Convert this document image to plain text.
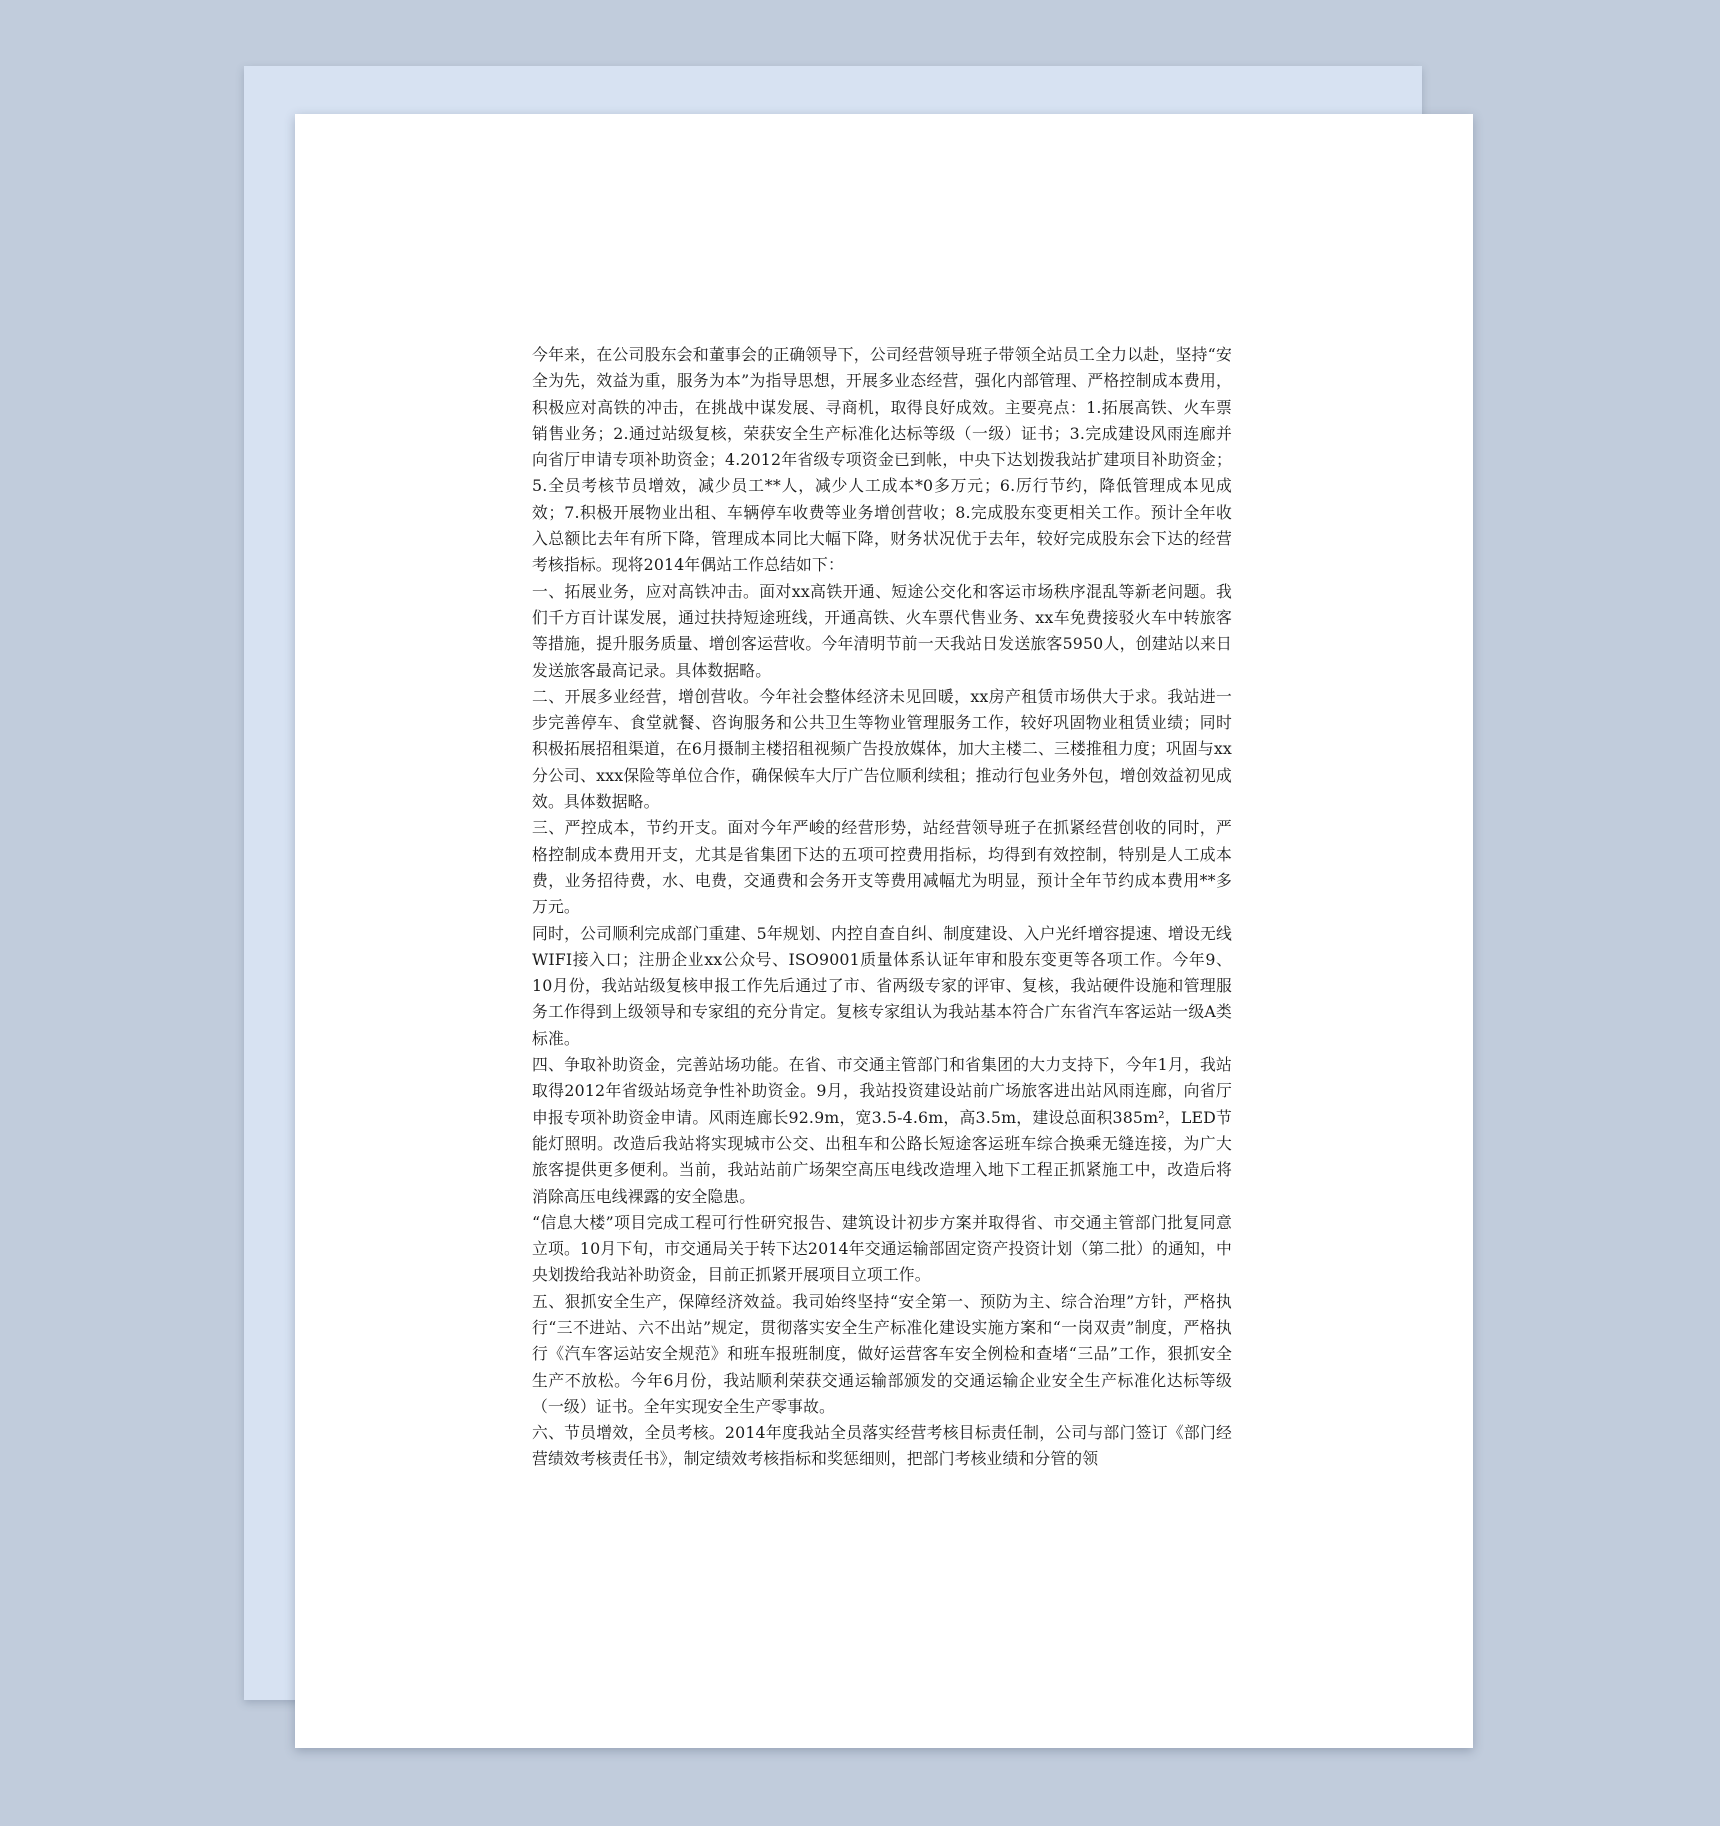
今年来，在公司股东会和董事会的正确领导下，公司经营领导班子带领全站员工全力以赴，坚持“安全为先，效益为重，服务为本”为指导思想，开展多业态经营，强化内部管理、严格控制成本费用，积极应对高铁的冲击，在挑战中谋发展、寻商机，取得良好成效。主要亮点：1.拓展高铁、火车票销售业务；2.通过站级复核，荣获安全生产标准化达标等级（一级）证书；3.完成建设风雨连廊并向省厅申请专项补助资金；4.2012年省级专项资金已到帐，中央下达划拨我站扩建项目补助资金；5.全员考核节员增效，减少员工**人，减少人工成本*0多万元；6.厉行节约，降低管理成本见成效；7.积极开展物业出租、车辆停车收费等业务增创营收；8.完成股东变更相关工作。预计全年收入总额比去年有所下降，管理成本同比大幅下降，财务状况优于去年，较好完成股东会下达的经营考核指标。现将2014年偶站工作总结如下：

一、拓展业务，应对高铁冲击。面对xx高铁开通、短途公交化和客运市场秩序混乱等新老问题。我们千方百计谋发展，通过扶持短途班线，开通高铁、火车票代售业务、xx车免费接驳火车中转旅客等措施，提升服务质量、增创客运营收。今年清明节前一天我站日发送旅客5950人，创建站以来日发送旅客最高记录。具体数据略。

二、开展多业经营，增创营收。今年社会整体经济未见回暖，xx房产租赁市场供大于求。我站进一步完善停车、食堂就餐、咨询服务和公共卫生等物业管理服务工作，较好巩固物业租赁业绩；同时积极拓展招租渠道，在6月摄制主楼招租视频广告投放媒体，加大主楼二、三楼推租力度；巩固与xx分公司、xxx保险等单位合作，确保候车大厅广告位顺利续租；推动行包业务外包，增创效益初见成效。具体数据略。

三、严控成本，节约开支。面对今年严峻的经营形势，站经营领导班子在抓紧经营创收的同时，严格控制成本费用开支，尤其是省集团下达的五项可控费用指标，均得到有效控制，特别是人工成本费，业务招待费，水、电费，交通费和会务开支等费用减幅尤为明显，预计全年节约成本费用**多万元。

同时，公司顺利完成部门重建、5年规划、内控自查自纠、制度建设、入户光纤增容提速、增设无线WIFI接入口；注册企业xx公众号、ISO9001质量体系认证年审和股东变更等各项工作。今年9、10月份，我站站级复核申报工作先后通过了市、省两级专家的评审、复核，我站硬件设施和管理服务工作得到上级领导和专家组的充分肯定。复核专家组认为我站基本符合广东省汽车客运站一级A类标准。

四、争取补助资金，完善站场功能。在省、市交通主管部门和省集团的大力支持下，今年1月，我站取得2012年省级站场竞争性补助资金。9月，我站投资建设站前广场旅客进出站风雨连廊，向省厅申报专项补助资金申请。风雨连廊长92.9m，宽3.5-4.6m，高3.5m，建设总面积385m²，LED节能灯照明。改造后我站将实现城市公交、出租车和公路长短途客运班车综合换乘无缝连接，为广大旅客提供更多便利。当前，我站站前广场架空高压电线改造埋入地下工程正抓紧施工中，改造后将消除高压电线裸露的安全隐患。

“信息大楼”项目完成工程可行性研究报告、建筑设计初步方案并取得省、市交通主管部门批复同意立项。10月下旬，市交通局关于转下达2014年交通运输部固定资产投资计划（第二批）的通知，中央划拨给我站补助资金，目前正抓紧开展项目立项工作。

五、狠抓安全生产，保障经济效益。我司始终坚持“安全第一、预防为主、综合治理”方针，严格执行“三不进站、六不出站”规定，贯彻落实安全生产标准化建设实施方案和“一岗双责”制度，严格执行《汽车客运站安全规范》和班车报班制度，做好运营客车安全例检和查堵“三品”工作，狠抓安全生产不放松。今年6月份，我站顺利荣获交通运输部颁发的交通运输企业安全生产标准化达标等级（一级）证书。全年实现安全生产零事故。

六、节员增效，全员考核。2014年度我站全员落实经营考核目标责任制，公司与部门签订《部门经营绩效考核责任书》，制定绩效考核指标和奖惩细则，把部门考核业绩和分管的领
